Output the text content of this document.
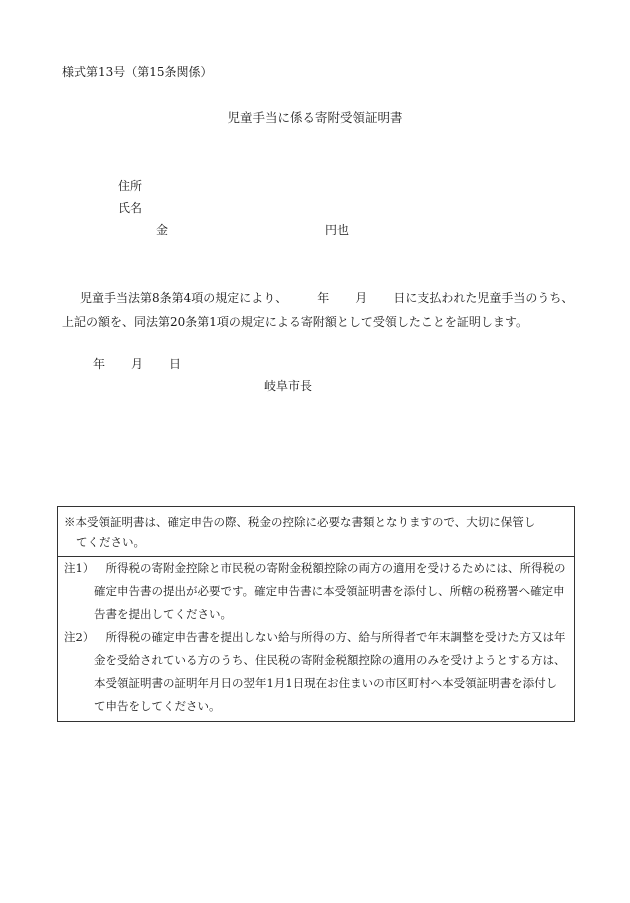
様式第13号（第15条関係）
児童手当に係る寄附受領証明書
住所
氏名
金	円也
児童手当法第8条第4項の規定により、	年 月 日に支払われた児童手当のうち、
上記の額を、同法第20条第1項の規定による寄附額として受領したことを証明します。
年 月 日
岐阜市長
※本受領証明書は、確定申告の際、税金の控除に必要な書類となりますので、大切に保管し
てください。
注1） 所得税の寄附金控除と市民税の寄附金税額控除の両方の適用を受けるためには、所得税の確定申告書の提出が必要です。確定申告書に本受領証明書を添付し、所轄の税務署へ確定申告書を提出してください。
注2） 所得税の確定申告書を提出しない給与所得の方、給与所得者で年末調整を受けた方又は年金を受給されている方のうち、住民税の寄附金税額控除の適用のみを受けようとする方は、本受領証明書の証明年月日の翌年1月1日現在お住まいの市区町村へ本受領証明書を添付して申告をしてください。
